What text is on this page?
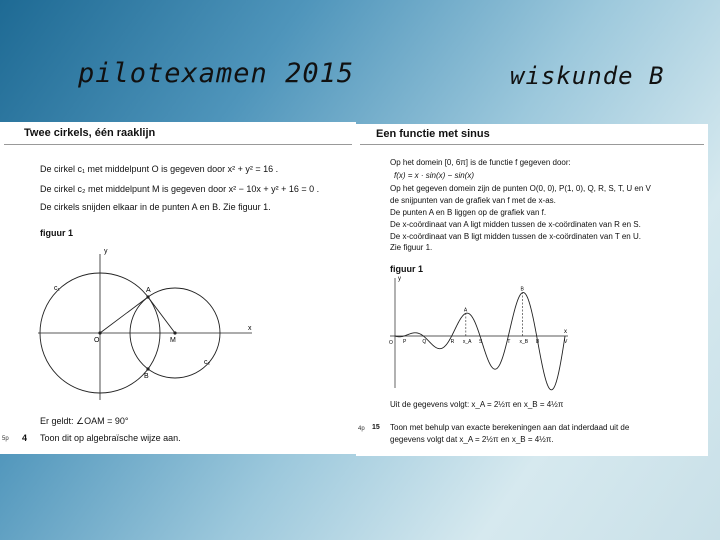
pilotexamen 2015	wiskunde B
Twee cirkels, één raaklijn
De cirkel c₁ met middelpunt O is gegeven door x² + y² = 16 .
De cirkel c₂ met middelpunt M is gegeven door x² − 10x + y² + 16 = 0 .
De cirkels snijden elkaar in de punten A en B. Zie figuur 1.
figuur 1
y
x
A
O	M
B
c₁
c₂
Er geldt: ∠OAM = 90°
5p 4 Toon dit op algebraïsche wijze aan.
Een functie met sinus
Op het domein [0, 6π] is de functie f gegeven door:
f(x) = x · sin(x) − sin(x)
Op het gegeven domein zijn de punten O(0, 0), P(1, 0), Q, R, S, T, U en V
de snijpunten van de grafiek van f met de x-as.
De punten A en B liggen op de grafiek van f.
De x-coördinaat van A ligt midden tussen de x-coördinaten van R en S.
De x-coördinaat van B ligt midden tussen de x-coördinaten van T en U.
Zie figuur 1.
figuur 1
y
x
O P	Q	R	S	T	U	V
A
B
x_A	x_B
Uit de gegevens volgt: x_A = 2½π en x_B = 4½π
4p 15 Toon met behulp van exacte berekeningen aan dat inderdaad uit de
gegevens volgt dat x_A = 2½π en x_B = 4½π.
